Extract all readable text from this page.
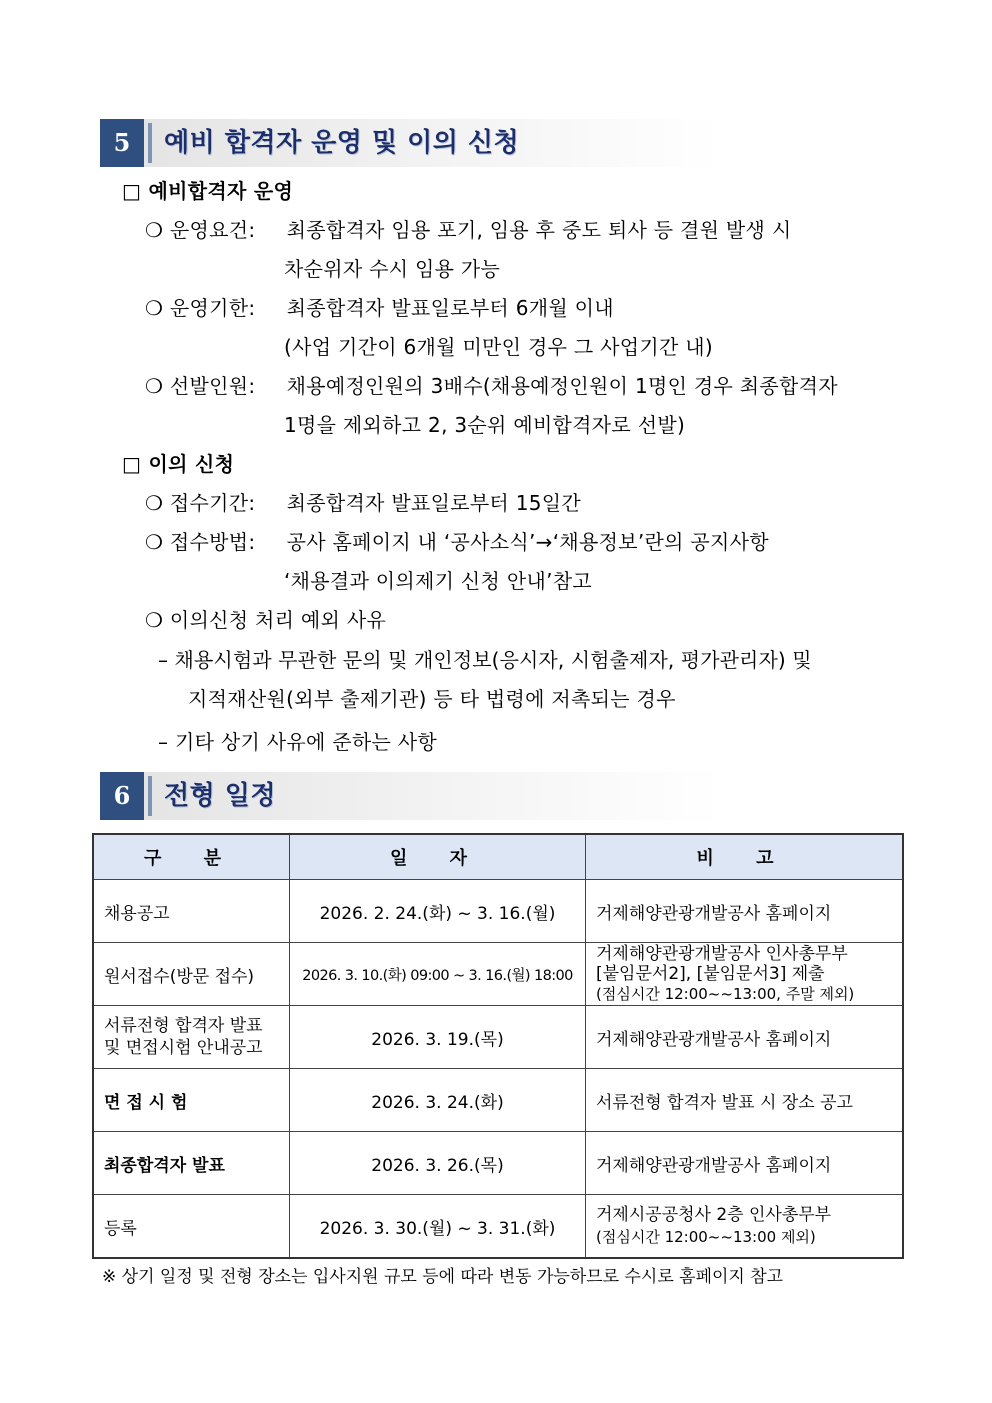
5	예비 합격자 운영 및 이의 신청
□ 예비합격자 운영
❍ 운영요건: 최종합격자 임용 포기, 임용 후 중도 퇴사 등 결원 발생 시
차순위자 수시 임용 가능
❍ 운영기한: 최종합격자 발표일로부터 6개월 이내
(사업 기간이 6개월 미만인 경우 그 사업기간 내)
❍ 선발인원: 채용예정인원의 3배수(채용예정인원이 1명인 경우 최종합격자
1명을 제외하고 2, 3순위 예비합격자로 선발)
□ 이의 신청
❍ 접수기간: 최종합격자 발표일로부터 15일간
❍ 접수방법: 공사 홈페이지 내 ‘공사소식’→‘채용정보’란의 공지사항
‘채용결과 이의제기 신청 안내’참고
❍ 이의신청 처리 예외 사유
– 채용시험과 무관한 문의 및 개인정보(응시자, 시험출제자, 평가관리자) 및
지적재산원(외부 출제기관) 등 타 법령에 저촉되는 경우
– 기타 상기 사유에 준하는 사항
6	전형 일정
구 분	일 자	비 고
채용공고	2026. 2. 24.(화) ~ 3. 16.(월)	거제해양관광개발공사 홈페이지
원서접수(방문 접수)	2026. 3. 10.(화) 09:00 ~ 3. 16.(월) 18:00	거제해양관광개발공사 인사총무부
[붙임문서2], [붙임문서3] 제출
(점심시간 12:00~~13:00, 주말 제외)

서류전형 합격자 발표
및 면접시험 안내공고	2026. 3. 19.(목)	거제해양관광개발공사 홈페이지
면 접 시 험	2026. 3. 24.(화)	서류전형 합격자 발표 시 장소 공고
최종합격자 발표	2026. 3. 26.(목)	거제해양관광개발공사 홈페이지
등록	2026. 3. 30.(월) ~ 3. 31.(화)	거제시공공청사 2층 인사총무부
(점심시간 12:00~~13:00 제외)
※ 상기 일정 및 전형 장소는 입사지원 규모 등에 따라 변동 가능하므로 수시로 홈페이지 참고
